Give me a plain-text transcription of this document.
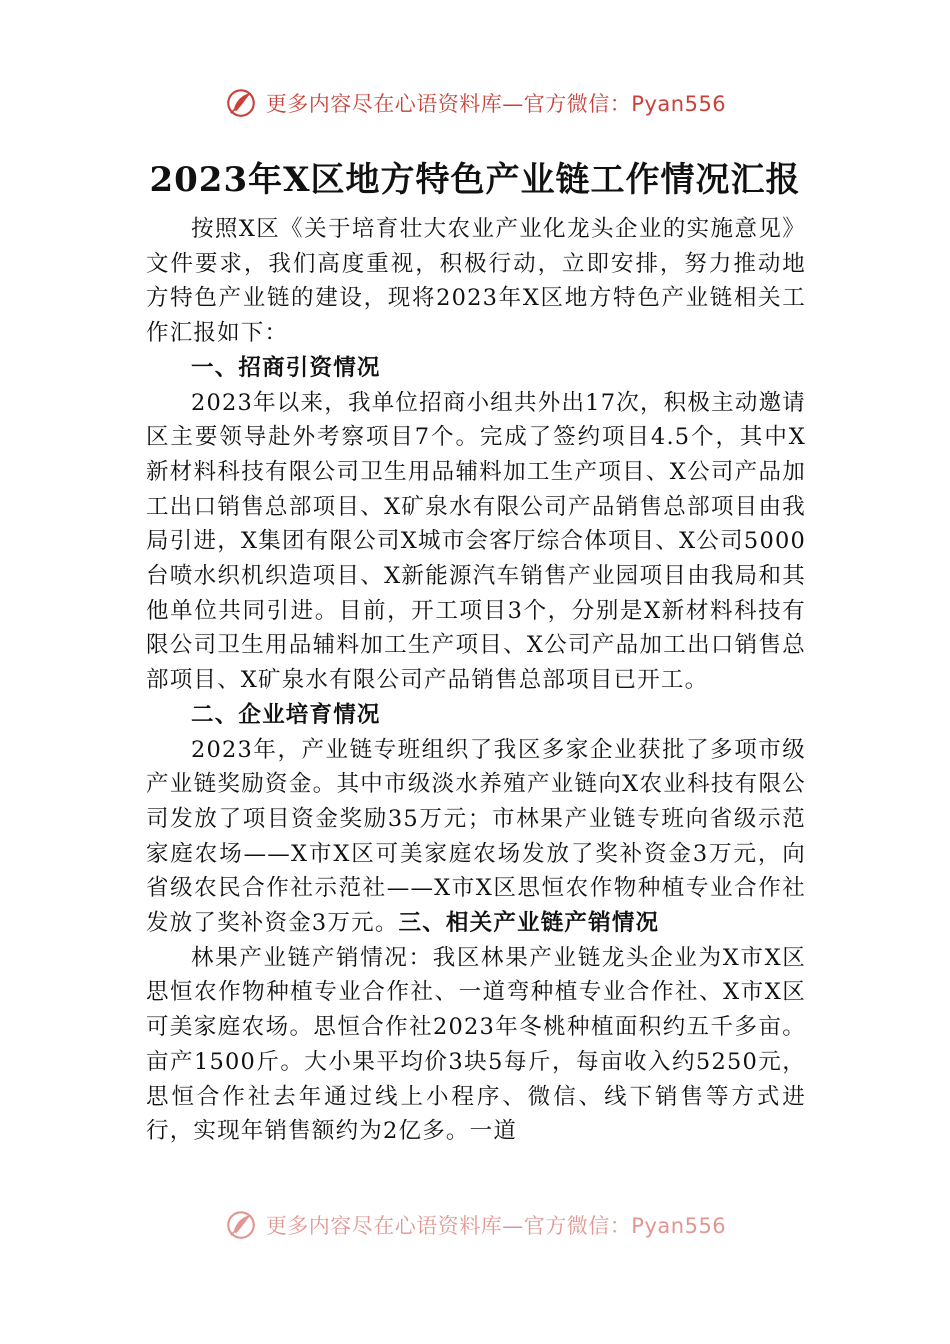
更多内容尽在心语资料库—官方微信：Pyan556
2023年X区地方特色产业链工作情况汇报

按照X区《关于培育壮大农业产业化龙头企业的实施意见》文件要求，我们高度重视，积极行动，立即安排，努力推动地方特色产业链的建设，现将2023年X区地方特色产业链相关工作汇报如下：

一、招商引资情况

2023年以来，我单位招商小组共外出17次，积极主动邀请区主要领导赴外考察项目7个。完成了签约项目4.5个，其中X新材料科技有限公司卫生用品辅料加工生产项目、X公司产品加工出口销售总部项目、X矿泉水有限公司产品销售总部项目由我局引进，X集团有限公司X城市会客厅综合体项目、X公司5000台喷水织机织造项目、X新能源汽车销售产业园项目由我局和其他单位共同引进。目前，开工项目3个，分别是X新材料科技有限公司卫生用品辅料加工生产项目、X公司产品加工出口销售总部项目、X矿泉水有限公司产品销售总部项目已开工。

二、企业培育情况

2023年，产业链专班组织了我区多家企业获批了多项市级产业链奖励资金。其中市级淡水养殖产业链向X农业科技有限公司发放了项目资金奖励35万元；市林果产业链专班向省级示范家庭农场——X市X区可美家庭农场发放了奖补资金3万元，向省级农民合作社示范社——X市X区思恒农作物种植专业合作社发放了奖补资金3万元。三、相关产业链产销情况

林果产业链产销情况：我区林果产业链龙头企业为X市X区思恒农作物种植专业合作社、一道弯种植专业合作社、X市X区可美家庭农场。思恒合作社2023年冬桃种植面积约五千多亩。亩产1500斤。大小果平均价3块5每斤，每亩收入约5250元，思恒合作社去年通过线上小程序、微信、线下销售等方式进行，实现年销售额约为2亿多。一道

更多内容尽在心语资料库—官方微信：Pyan556
